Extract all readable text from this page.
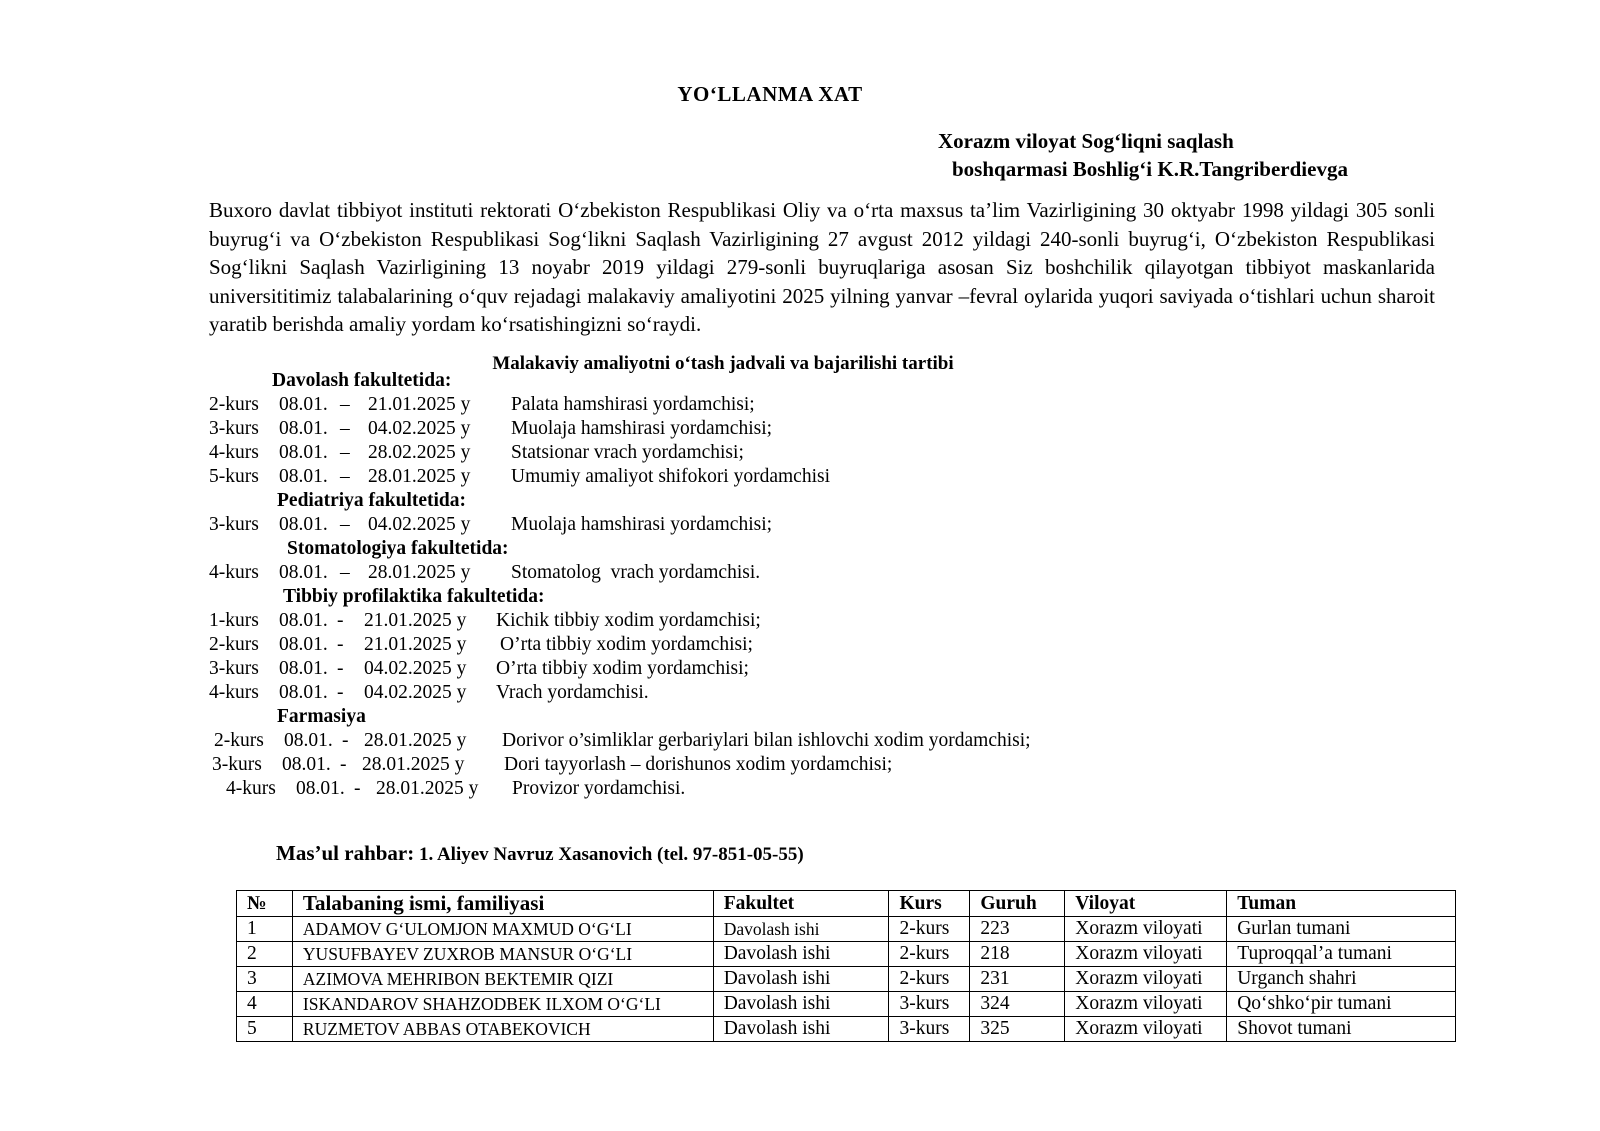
YO‘LLANMA XAT
Xorazm viloyat Sog‘liqni saqlash
boshqarmasi Boshlig‘i K.R.Tangriberdievga
Buxoro davlat tibbiyot instituti rektorati O‘zbekiston Respublikasi Oliy va o‘rta maxsus ta’lim Vazirligining 30 oktyabr 1998 yildagi 305 sonli buyrug‘i va O‘zbekiston Respublikasi Sog‘likni Saqlash Vazirligining 27 avgust 2012 yildagi 240-sonli buyrug‘i, O‘zbekiston Respublikasi Sog‘likni Saqlash Vazirligining 13 noyabr 2019 yildagi 279-sonli buyruqlariga asosan Siz boshchilik qilayotgan tibbiyot maskanlarida universititimiz talabalarining o‘quv rejadagi malakaviy amaliyotini 2025 yilning yanvar –fevral oylarida yuqori saviyada o‘tishlari uchun sharoit yaratib berishda amaliy yordam ko‘rsatishingizni so‘raydi.
Malakaviy amaliyotni o‘tash jadvali va bajarilishi tartibi
Davolash fakultetida:
2-kurs 08.01. – 21.01.2025 y Palata hamshirasi yordamchisi;
3-kurs 08.01. – 04.02.2025 y Muolaja hamshirasi yordamchisi;
4-kurs 08.01. – 28.02.2025 y Statsionar vrach yordamchisi;
5-kurs 08.01. – 28.01.2025 y Umumiy amaliyot shifokori yordamchisi
Pediatriya fakultetida:
3-kurs 08.01. – 04.02.2025 y Muolaja hamshirasi yordamchisi;
Stomatologiya fakultetida:
4-kurs 08.01. – 28.01.2025 y Stomatolog  vrach yordamchisi.
Tibbiy profilaktika fakultetida:
1-kurs 08.01. - 21.01.2025 y Kichik tibbiy xodim yordamchisi;
2-kurs 08.01. - 21.01.2025 y O’rta tibbiy xodim yordamchisi;
3-kurs 08.01. - 04.02.2025 y O’rta tibbiy xodim yordamchisi;
4-kurs 08.01. - 04.02.2025 y Vrach yordamchisi.
Farmasiya
2-kurs 08.01. - 28.01.2025 y Dorivor o’simliklar gerbariylari bilan ishlovchi xodim yordamchisi;
3-kurs 08.01. - 28.01.2025 y Dori tayyorlash – dorishunos xodim yordamchisi;
4-kurs 08.01. - 28.01.2025 y Provizor yordamchisi.
Mas’ul rahbar: 1. Aliyev Navruz Xasanovich (tel. 97-851-05-55)
№	Talabaning ismi, familiyasi	Fakultet	Kurs	Guruh	Viloyat	Tuman
1	ADAMOV G‘ULOMJON MAXMUD O‘G‘LI	Davolash ishi	2-kurs	223	Xorazm viloyati	Gurlan tumani
2	YUSUFBAYEV ZUXROB MANSUR O‘G‘LI	Davolash ishi	2-kurs	218	Xorazm viloyati	Tuproqqal’a tumani
3	AZIMOVA MEHRIBON BEKTEMIR QIZI	Davolash ishi	2-kurs	231	Xorazm viloyati	Urganch shahri
4	ISKANDAROV SHAHZODBEK ILXOM O‘G‘LI	Davolash ishi	3-kurs	324	Xorazm viloyati	Qo‘shko‘pir tumani
5	RUZMETOV ABBAS OTABEKOVICH	Davolash ishi	3-kurs	325	Xorazm viloyati	Shovot tumani
